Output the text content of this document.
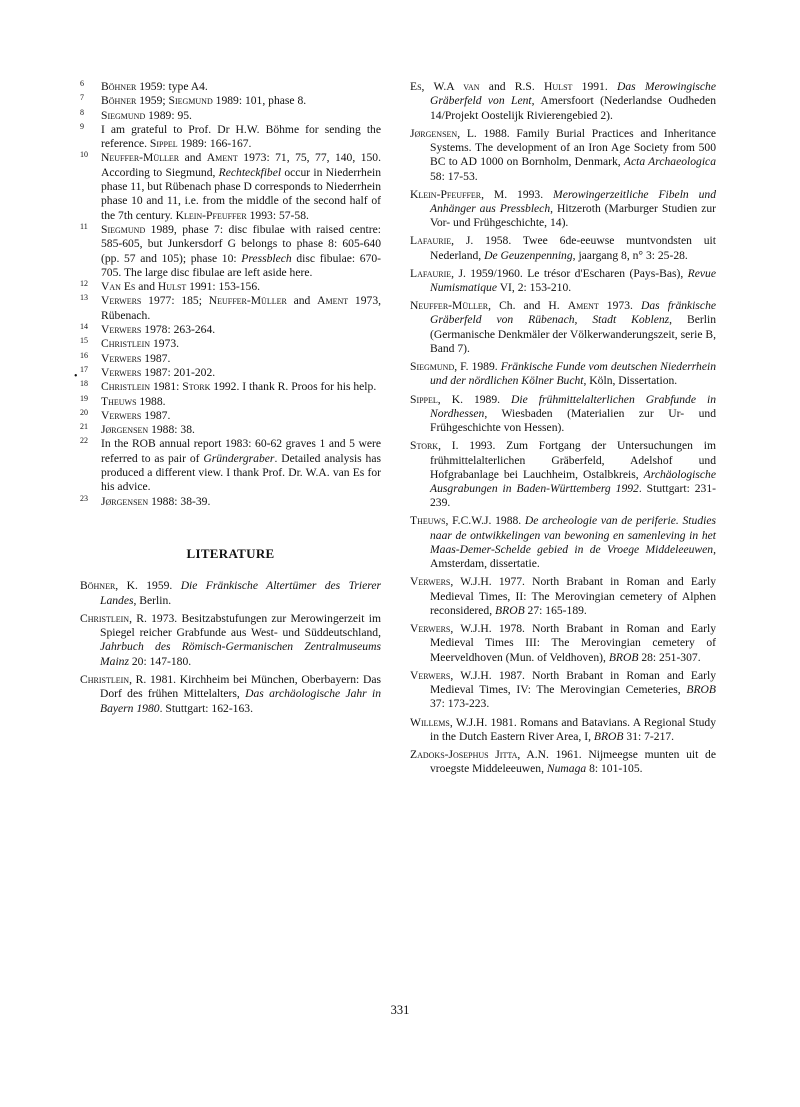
6 Böhner 1959: type A4.
7 Böhner 1959; Siegmund 1989: 101, phase 8.
8 Siegmund 1989: 95.
9 I am grateful to Prof. Dr H.W. Böhme for sending the reference. Sippel 1989: 166-167.
10 Neuffer-Müller and Ament 1973: 71, 75, 77, 140, 150. According to Siegmund, Rechteckfibel occur in Niederrhein phase 11, but Rübenach phase D corresponds to Niederrhein phase 10 and 11, i.e. from the middle of the second half of the 7th century. Klein-Pfeuffer 1993: 57-58.
11 Siegmund 1989, phase 7: disc fibulae with raised centre: 585-605, but Junkersdorf G belongs to phase 8: 605-640 (pp. 57 and 105); phase 10: Pressblech disc fibulae: 670-705. The large disc fibulae are left aside here.
12 Van Es and Hulst 1991: 153-156.
13 Verwers 1977: 185; Neuffer-Müller and Ament 1973, Rübenach.
14 Verwers 1978: 263-264.
15 Christlein 1973.
16 Verwers 1987.
17 Verwers 1987: 201-202.
18 Christlein 1981: Stork 1992. I thank R. Proos for his help.
19 Theuws 1988.
20 Verwers 1987.
21 Jørgensen 1988: 38.
22 In the ROB annual report 1983: 60-62 graves 1 and 5 were referred to as pair of Gründergraber. Detailed analysis has produced a different view. I thank Prof. Dr. W.A. van Es for his advice.
23 Jørgensen 1988: 38-39.
LITERATURE
Böhner, K. 1959. Die Fränkische Altertümer des Trierer Landes, Berlin.
Christlein, R. 1973. Besitzabstufungen zur Merowingerzeit im Spiegel reicher Grabfunde aus West- und Süddeutschland, Jahrbuch des Römisch-Germanischen Zentralmuseums Mainz 20: 147-180.
Christlein, R. 1981. Kirchheim bei München, Oberbayern: Das Dorf des frühen Mittelalters, Das archäologische Jahr in Bayern 1980. Stuttgart: 162-163.
Es, W.A van and R.S. Hulst 1991. Das Merowingische Gräberfeld von Lent, Amersfoort (Nederlandse Oudheden 14/Projekt Oostelijk Rivierengebied 2).
Jørgensen, L. 1988. Family Burial Practices and Inheritance Systems. The development of an Iron Age Society from 500 BC to AD 1000 on Bornholm, Denmark, Acta Archaeologica 58: 17-53.
Klein-Pfeuffer, M. 1993. Merowingerzeitliche Fibeln und Anhänger aus Pressblech, Hitzeroth (Marburger Studien zur Vor- und Frühgeschichte, 14).
Lafaurie, J. 1958. Twee 6de-eeuwse muntvondsten uit Nederland, De Geuzenpenning, jaargang 8, n° 3: 25-28.
Lafaurie, J. 1959/1960. Le trésor d'Escharen (Pays-Bas), Revue Numismatique VI, 2: 153-210.
Neuffer-Müller, Ch. and H. Ament 1973. Das fränkische Gräberfeld von Rübenach, Stadt Koblenz, Berlin (Germanische Denkmäler der Völkerwanderungszeit, serie B, Band 7).
Siegmund, F. 1989. Fränkische Funde vom deutschen Niederrhein und der nördlichen Kölner Bucht, Köln, Dissertation.
Sippel, K. 1989. Die frühmittelalterlichen Grabfunde in Nordhessen, Wiesbaden (Materialien zur Ur- und Frühgeschichte von Hessen).
Stork, I. 1993. Zum Fortgang der Untersuchungen im frühmittelalterlichen Gräberfeld, Adelshof und Hofgrabanlage bei Lauchheim, Ostalbkreis, Archäologische Ausgrabungen in Baden-Württemberg 1992. Stuttgart: 231-239.
Theuws, F.C.W.J. 1988. De archeologie van de periferie. Studies naar de ontwikkelingen van bewoning en samenleving in het Maas-Demer-Schelde gebied in de Vroege Middeleeuwen, Amsterdam, dissertatie.
Verwers, W.J.H. 1977. North Brabant in Roman and Early Medieval Times, II: The Merovingian cemetery of Alphen reconsidered, BROB 27: 165-189.
Verwers, W.J.H. 1978. North Brabant in Roman and Early Medieval Times III: The Merovingian cemetery of Meerveldhoven (Mun. of Veldhoven), BROB 28: 251-307.
Verwers, W.J.H. 1987. North Brabant in Roman and Early Medieval Times, IV: The Merovingian Cemeteries, BROB 37: 173-223.
Willems, W.J.H. 1981. Romans and Batavians. A Regional Study in the Dutch Eastern River Area, I, BROB 31: 7-217.
Zadoks-Josephus Jitta, A.N. 1961. Nijmeegse munten uit de vroegste Middeleeuwen, Numaga 8: 101-105.
•
331
